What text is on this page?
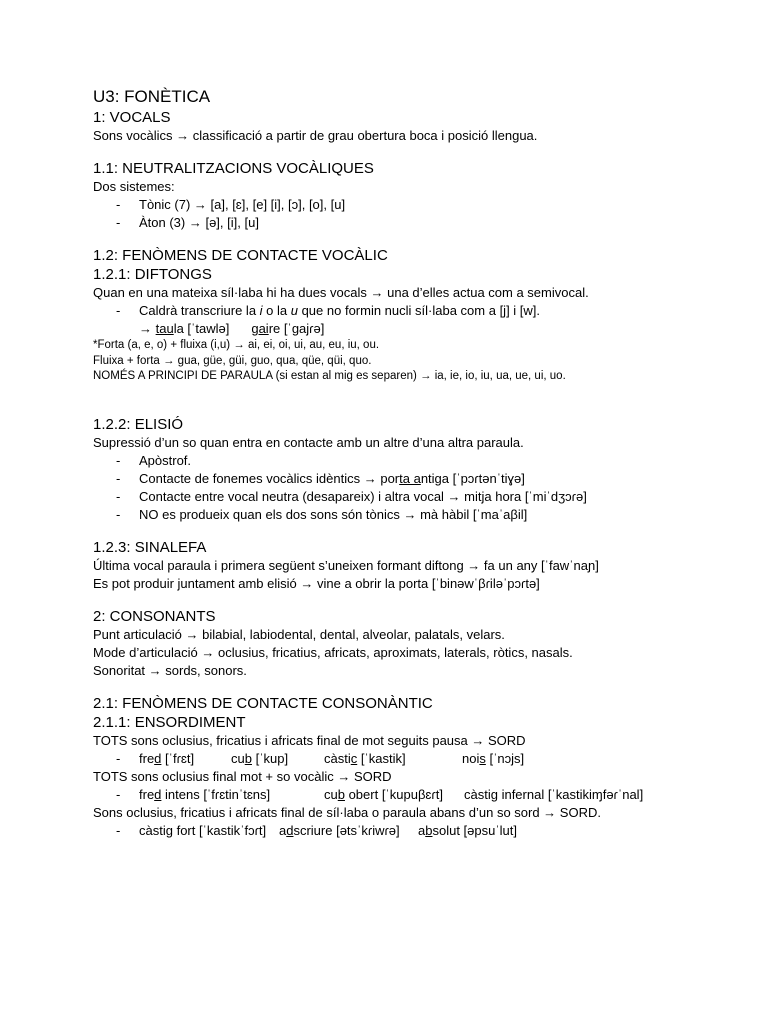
U3: FONÈTICA
1: VOCALS
Sons vocàlics → classificació a partir de grau obertura boca i posició llengua.
1.1: NEUTRALITZACIONS VOCÀLIQUES
Dos sistemes:
- Tònic (7) → [a], [ɛ], [e] [i], [ɔ], [o], [u]
- Àton (3) → [ə], [i], [u]
1.2: FENÒMENS DE CONTACTE VOCÀLIC
1.2.1: DIFTONGS
Quan en una mateixa síl·laba hi ha dues vocals → una d’elles actua com a semivocal.
- Caldrà transcriure la i o la u que no formin nucli síl·laba com a [j] i [w].
→ taula [ˈtawlə] gaire [ˈgajɾə]
*Forta (a, e, o) + fluixa (i,u) → ai, ei, oi, ui, au, eu, iu, ou.
Fluixa + forta → gua, güe, güi, guo, qua, qüe, qüi, quo.
NOMÉS A PRINCIPI DE PARAULA (si estan al mig es separen) → ia, ie, io, iu, ua, ue, ui, uo.
1.2.2: ELISIÓ
Supressió d’un so quan entra en contacte amb un altre d’una altra paraula.
- Apòstrof.
- Contacte de fonemes vocàlics idèntics → porta antiga [ˈpɔɾtənˈtiɣə]
- Contacte entre vocal neutra (desapareix) i altra vocal → mitja hora [ˈmiˈdʒɔɾə]
- NO es produeix quan els dos sons són tònics → mà hàbil [ˈmaˈaβil]
1.2.3: SINALEFA
Última vocal paraula i primera següent s’uneixen formant diftong → fa un any [ˈfawˈnaɲ]
Es pot produir juntament amb elisió → vine a obrir la porta [ˈbinəwˈβɾiləˈpɔɾtə]
2: CONSONANTS
Punt articulació → bilabial, labiodental, dental, alveolar, palatals, velars.
Mode d’articulació → oclusius, fricatius, africats, aproximats, laterals, ròtics, nasals.
Sonoritat → sords, sonors.
2.1: FENÒMENS DE CONTACTE CONSONÀNTIC
2.1.1: ENSORDIMENT
TOTS sons oclusius, fricatius i africats final de mot seguits pausa → SORD
- fred [ˈfɾɛt]	cub [ˈkup]	càstic [ˈkastik]	nois [ˈnɔjs]
TOTS sons oclusius final mot + so vocàlic → SORD
- fred intens [ˈfɾɛtinˈtɛns]	cub obert [ˈkupuβɛɾt] càstig infernal [ˈkastikiɱfəɾˈnal]
Sons oclusius, fricatius i africats final de síl·laba o paraula abans d’un so sord → SORD.
- càstig fort [ˈkastikˈfɔɾt] adscriure [ətsˈkɾiwɾə] absolut [əpsuˈlut]
